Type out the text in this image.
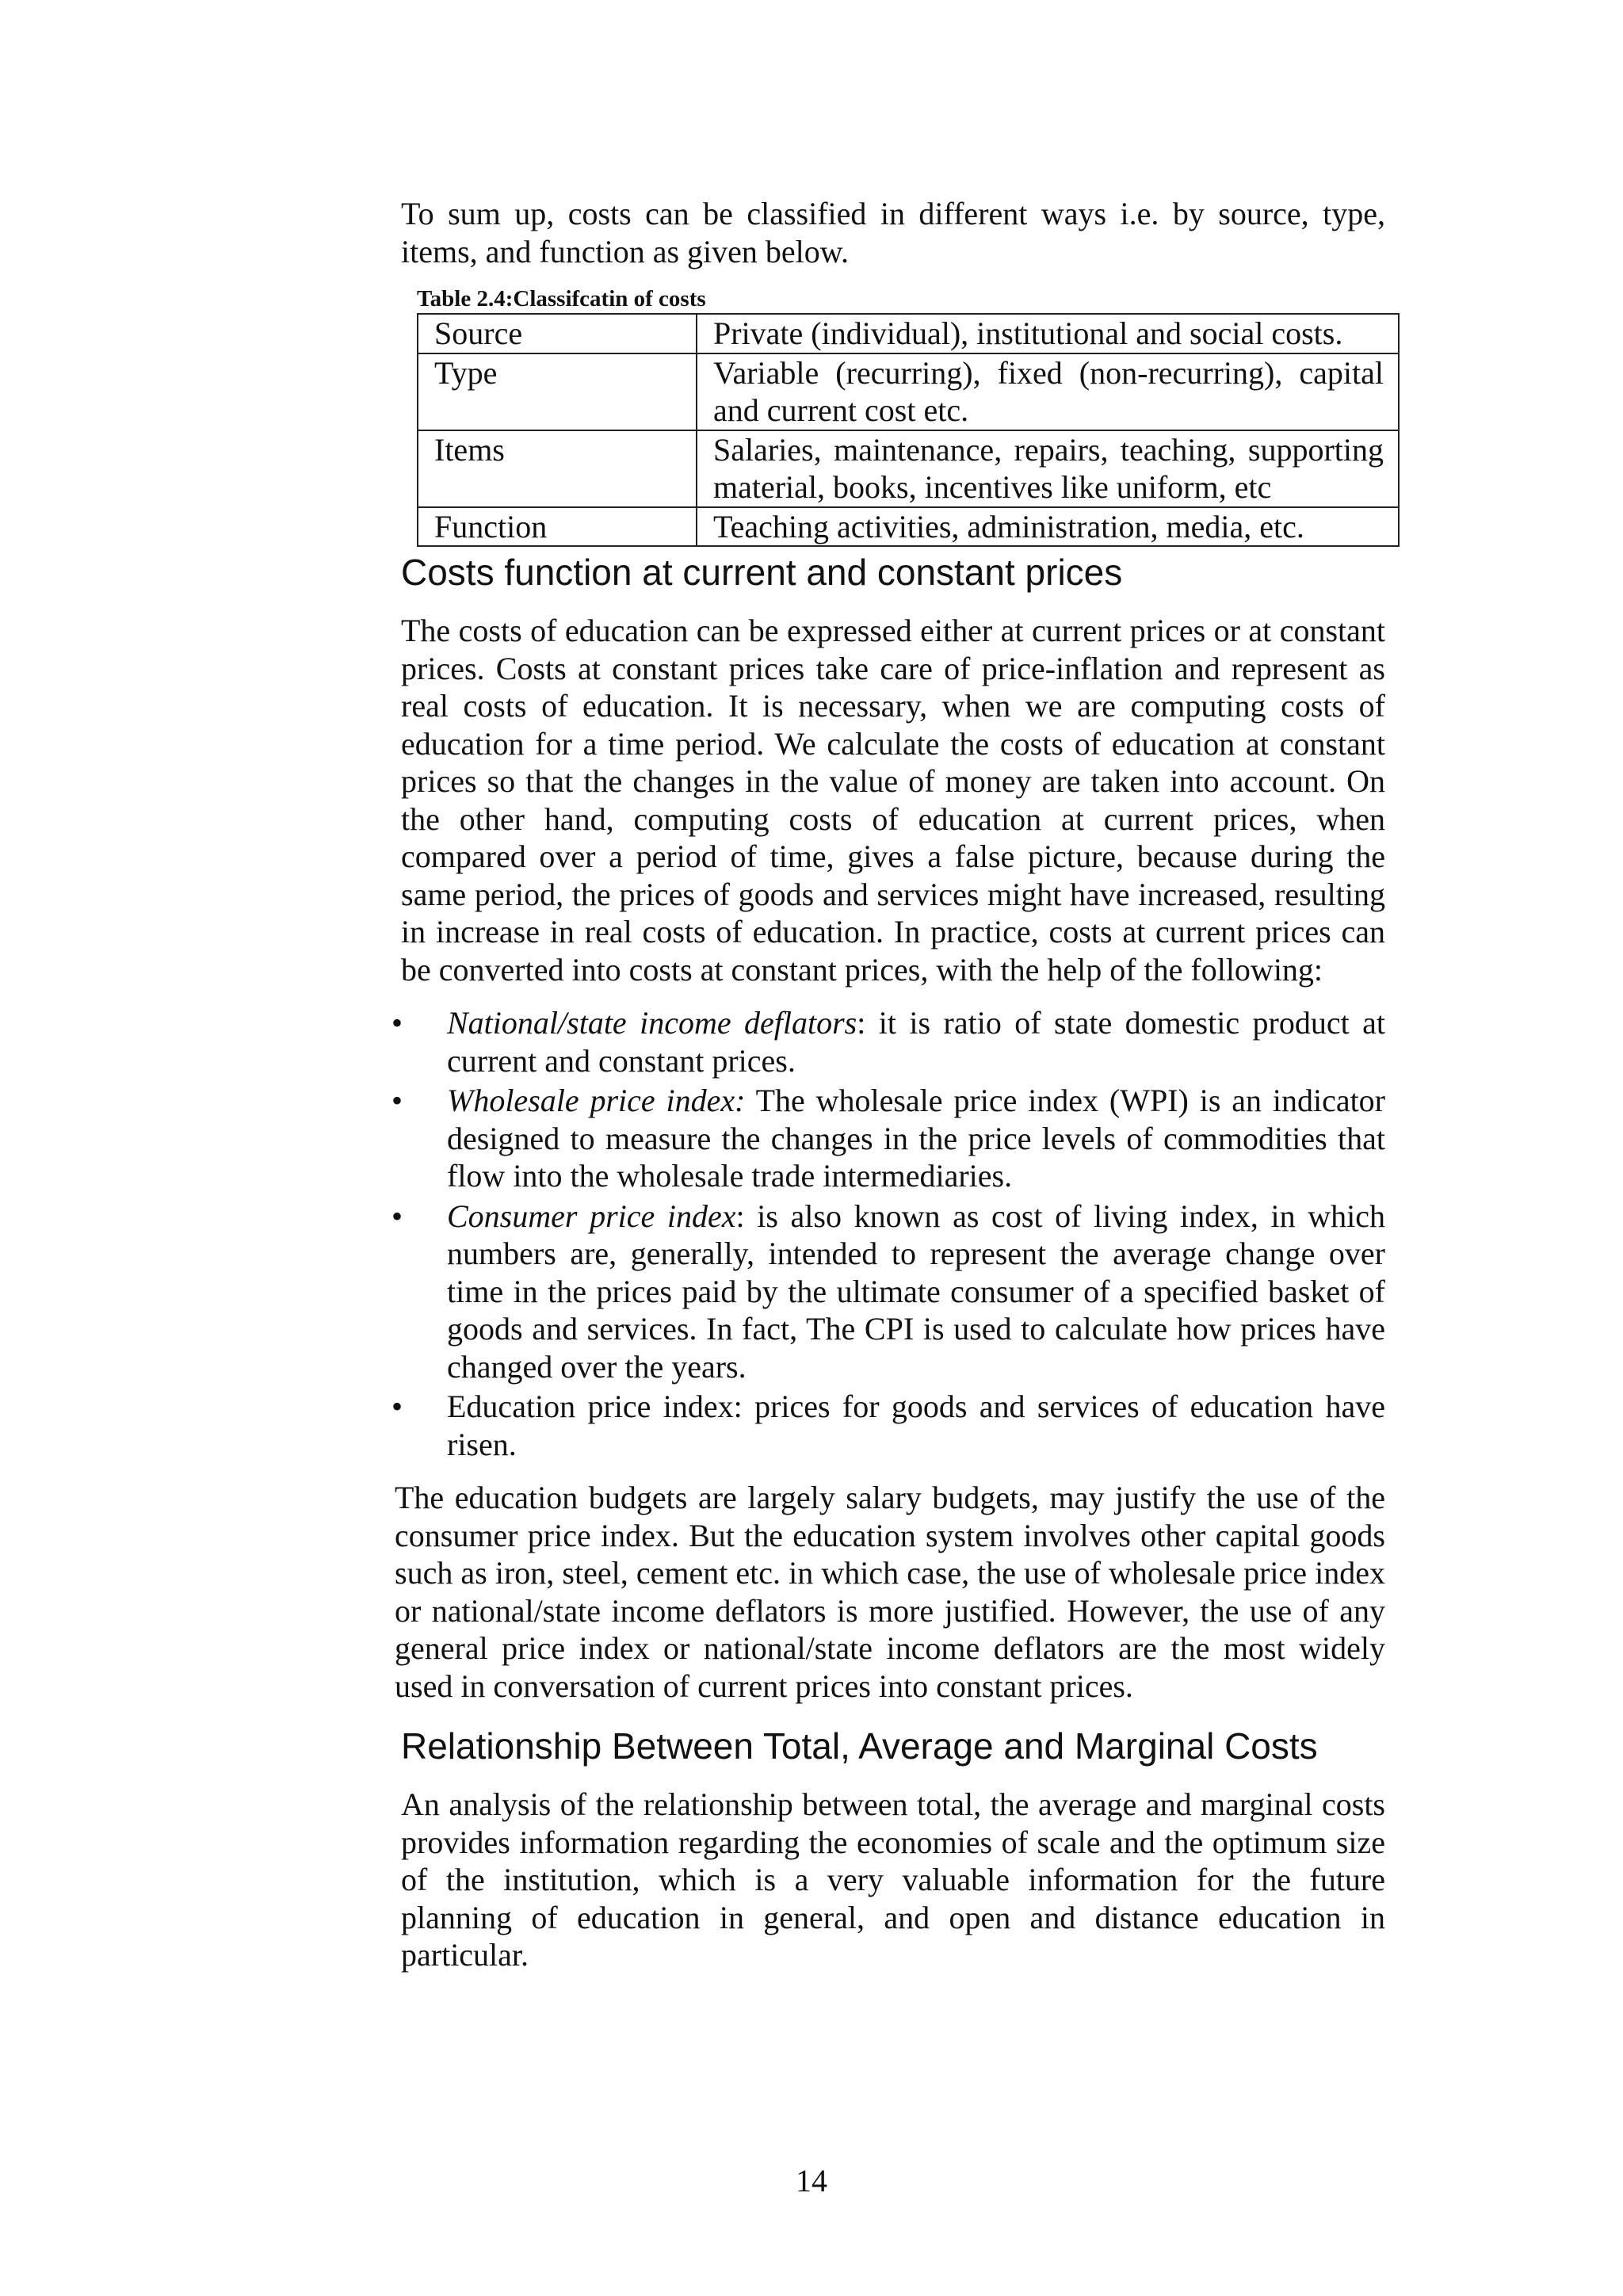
To sum up, costs can be classified in different ways i.e. by source, type, items, and function as given below.

Table 2.4:Classifcatin of costs

Source	Private (individual), institutional and social costs.
Type	Variable (recurring), fixed (non-recurring), capital and current cost etc.
Items	Salaries, maintenance, repairs, teaching, supporting material, books, incentives like uniform, etc
Function	Teaching activities, administration, media, etc.
Costs function at current and constant prices

The costs of education can be expressed either at current prices or at constant prices. Costs at constant prices take care of price-inflation and represent as real costs of education. It is necessary, when we are computing costs of education for a time period. We calculate the costs of education at constant prices so that the changes in the value of money are taken into account. On the other hand, computing costs of education at current prices, when compared over a period of time, gives a false picture, because during the same period, the prices of goods and services might have increased, resulting in increase in real costs of education. In practice, costs at current prices can be converted into costs at constant prices, with the help of the following:

•	National/state income deflators: it is ratio of state domestic product at current and constant prices.
•	Wholesale price index: The wholesale price index (WPI) is an indicator designed to measure the changes in the price levels of commodities that flow into the wholesale trade intermediaries.
•	Consumer price index: is also known as cost of living index, in which numbers are, generally, intended to represent the average change over time in the prices paid by the ultimate consumer of a specified basket of goods and services. In fact, The CPI is used to calculate how prices have changed over the years.
•	Education price index: prices for goods and services of education have risen.

The education budgets are largely salary budgets, may justify the use of the consumer price index. But the education system involves other capital goods such as iron, steel, cement etc. in which case, the use of wholesale price index or national/state income deflators is more justified. However, the use of any general price index or national/state income deflators are the most widely used in conversation of current prices into constant prices.

Relationship Between Total, Average and Marginal Costs

An analysis of the relationship between total, the average and marginal costs provides information regarding the economies of scale and the optimum size of the institution, which is a very valuable information for the future planning of education in general, and open and distance education in particular.

14
